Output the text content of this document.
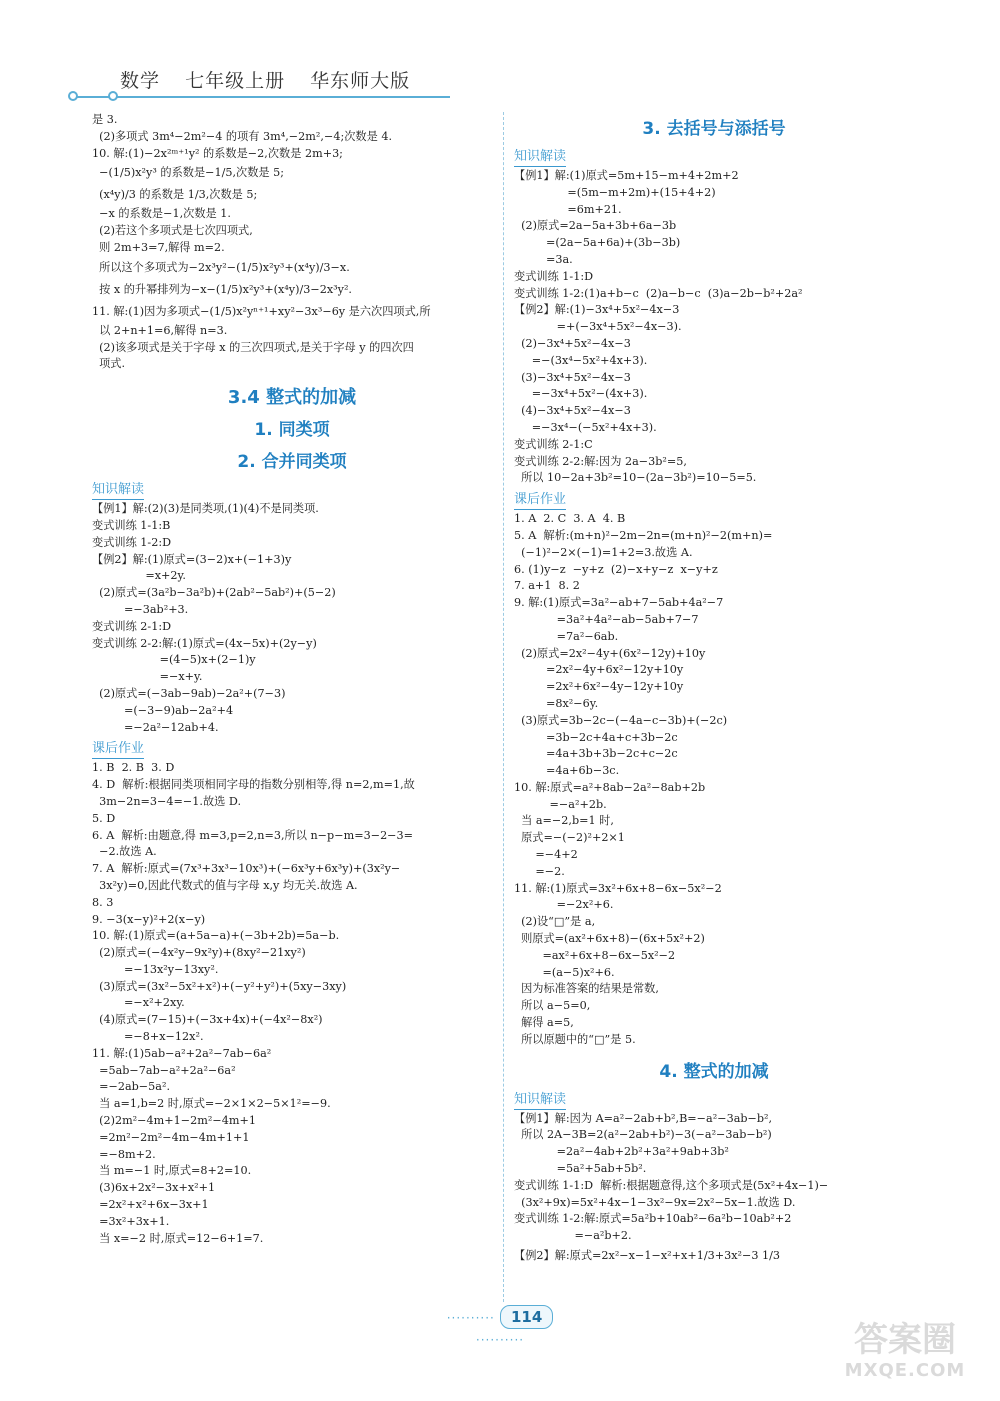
数学 七年级上册 华东师大版
是 3.
(2)多项式 3m⁴−2m²−4 的项有 3m⁴,−2m²,−4;次数是 4.
10. 解:(1)−2x²ᵐ⁺¹y² 的系数是−2,次数是 2m+3;
−(1/5)x²y³ 的系数是−1/5,次数是 5;
(x⁴y)/3 的系数是 1/3,次数是 5;
−x 的系数是−1,次数是 1.
(2)若这个多项式是七次四项式,
则 2m+3=7,解得 m=2.
所以这个多项式为−2x³y²−(1/5)x²y³+(x⁴y)/3−x.
按 x 的升幂排列为−x−(1/5)x²y³+(x⁴y)/3−2x³y².
11. 解:(1)因为多项式−(1/5)x²yⁿ⁺¹+xy²−3x³−6y 是六次四项式,所
以 2+n+1=6,解得 n=3.
(2)该多项式是关于字母 x 的三次四项式,是关于字母 y 的四次四
项式.
3.4 整式的加减
1. 同类项
2. 合并同类项
知识解读
【例1】解:(2)(3)是同类项,(1)(4)不是同类项.
变式训练 1-1:B
变式训练 1-2:D
【例2】解:(1)原式=(3−2)x+(−1+3)y
=x+2y.
(2)原式=(3a²b−3a²b)+(2ab²−5ab²)+(5−2)
=−3ab²+3.
变式训练 2-1:D
变式训练 2-2:解:(1)原式=(4x−5x)+(2y−y)
=(4−5)x+(2−1)y
=−x+y.
(2)原式=(−3ab−9ab)−2a²+(7−3)
=(−3−9)ab−2a²+4
=−2a²−12ab+4.
课后作业
1. B  2. B  3. D
4. D  解析:根据同类项相同字母的指数分别相等,得 n=2,m=1,故
3m−2n=3−4=−1.故选 D.
5. D
6. A  解析:由题意,得 m=3,p=2,n=3,所以 n−p−m=3−2−3=
−2.故选 A.
7. A  解析:原式=(7x³+3x³−10x³)+(−6x³y+6x³y)+(3x²y−
3x²y)=0,因此代数式的值与字母 x,y 均无关.故选 A.
8. 3
9. −3(x−y)²+2(x−y)
10. 解:(1)原式=(a+5a−a)+(−3b+2b)=5a−b.
(2)原式=(−4x²y−9x²y)+(8xy²−21xy²)
=−13x²y−13xy².
(3)原式=(3x²−5x²+x²)+(−y²+y²)+(5xy−3xy)
=−x²+2xy.
(4)原式=(7−15)+(−3x+4x)+(−4x²−8x²)
=−8+x−12x².
11. 解:(1)5ab−a²+2a²−7ab−6a²
=5ab−7ab−a²+2a²−6a²
=−2ab−5a².
当 a=1,b=2 时,原式=−2×1×2−5×1²=−9.
(2)2m²−4m+1−2m²−4m+1
=2m²−2m²−4m−4m+1+1
=−8m+2.
当 m=−1 时,原式=8+2=10.
(3)6x+2x²−3x+x²+1
=2x²+x²+6x−3x+1
=3x²+3x+1.
当 x=−2 时,原式=12−6+1=7.
3. 去括号与添括号
知识解读
【例1】解:(1)原式=5m+15−m+4+2m+2
=(5m−m+2m)+(15+4+2)
=6m+21.
(2)原式=2a−5a+3b+6a−3b
=(2a−5a+6a)+(3b−3b)
=3a.
变式训练 1-1:D
变式训练 1-2:(1)a+b−c  (2)a−b−c  (3)a−2b−b²+2a²
【例2】解:(1)−3x⁴+5x²−4x−3
=+(−3x⁴+5x²−4x−3).
(2)−3x⁴+5x²−4x−3
=−(3x⁴−5x²+4x+3).
(3)−3x⁴+5x²−4x−3
=−3x⁴+5x²−(4x+3).
(4)−3x⁴+5x²−4x−3
=−3x⁴−(−5x²+4x+3).
变式训练 2-1:C
变式训练 2-2:解:因为 2a−3b²=5,
所以 10−2a+3b²=10−(2a−3b²)=10−5=5.
课后作业
1. A  2. C  3. A  4. B
5. A  解析:(m+n)²−2m−2n=(m+n)²−2(m+n)=
(−1)²−2×(−1)=1+2=3.故选 A.
6. (1)y−z  −y+z  (2)−x+y−z  x−y+z
7. a+1  8. 2
9. 解:(1)原式=3a²−ab+7−5ab+4a²−7
=3a²+4a²−ab−5ab+7−7
=7a²−6ab.
(2)原式=2x²−4y+(6x²−12y)+10y
=2x²−4y+6x²−12y+10y
=2x²+6x²−4y−12y+10y
=8x²−6y.
(3)原式=3b−2c−(−4a−c−3b)+(−2c)
=3b−2c+4a+c+3b−2c
=4a+3b+3b−2c+c−2c
=4a+6b−3c.
10. 解:原式=a²+8ab−2a²−8ab+2b
=−a²+2b.
当 a=−2,b=1 时,
原式=−(−2)²+2×1
=−4+2
=−2.
11. 解:(1)原式=3x²+6x+8−6x−5x²−2
=−2x²+6.
(2)设“□”是 a,
则原式=(ax²+6x+8)−(6x+5x²+2)
=ax²+6x+8−6x−5x²−2
=(a−5)x²+6.
因为标准答案的结果是常数,
所以 a−5=0,
解得 a=5,
所以原题中的“□”是 5.
4. 整式的加减
知识解读
【例1】解:因为 A=a²−2ab+b²,B=−a²−3ab−b²,
所以 2A−3B=2(a²−2ab+b²)−3(−a²−3ab−b²)
=2a²−4ab+2b²+3a²+9ab+3b²
=5a²+5ab+5b².
变式训练 1-1:D  解析:根据题意得,这个多项式是(5x²+4x−1)−
(3x²+9x)=5x²+4x−1−3x²−9x=2x²−5x−1.故选 D.
变式训练 1-2:解:原式=5a²b+10ab²−6a²b−10ab²+2
=−a²b+2.
【例2】解:原式=2x²−x−1−x²+x+1/3+3x²−3 1/3
·········· 114 ··········	答案圈
MXQE.COM
